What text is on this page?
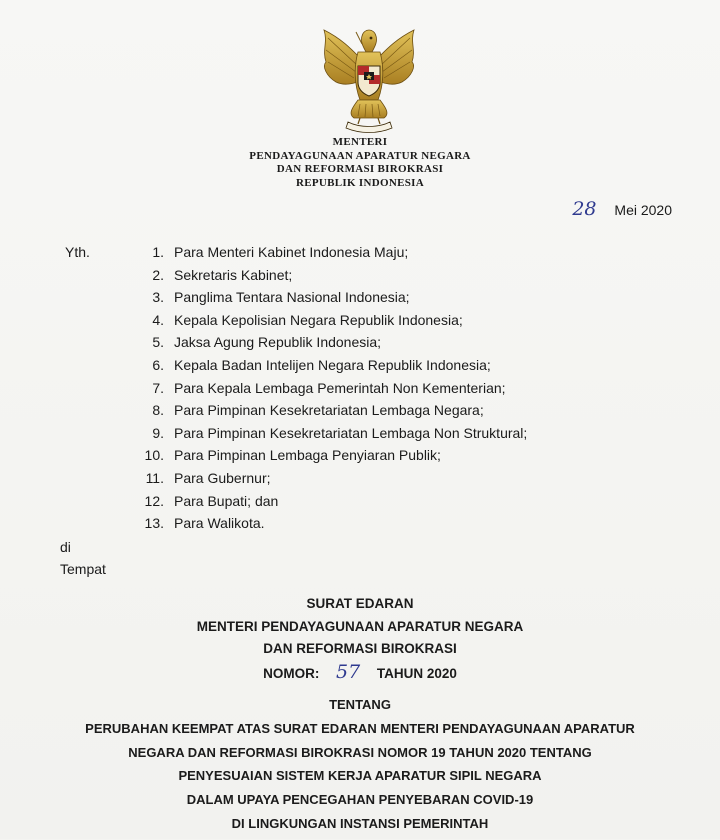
MENTERI
PENDAYAGUNAAN APARATUR NEGARA
DAN REFORMASI BIROKRASI
REPUBLIK INDONESIA
28 Mei 2020
Yth.	1. Para Menteri Kabinet Indonesia Maju;
2. Sekretaris Kabinet;
3. Panglima Tentara Nasional Indonesia;
4. Kepala Kepolisian Negara Republik Indonesia;
5. Jaksa Agung Republik Indonesia;
6. Kepala Badan Intelijen Negara Republik Indonesia;
7. Para Kepala Lembaga Pemerintah Non Kementerian;
8. Para Pimpinan Kesekretariatan Lembaga Negara;
9. Para Pimpinan Kesekretariatan Lembaga Non Struktural;
10. Para Pimpinan Lembaga Penyiaran Publik;
11. Para Gubernur;
12. Para Bupati; dan
13. Para Walikota.
di
Tempat
SURAT EDARAN
MENTERI PENDAYAGUNAAN APARATUR NEGARA
DAN REFORMASI BIROKRASI
NOMOR: 57 TAHUN 2020
TENTANG
PERUBAHAN KEEMPAT ATAS SURAT EDARAN MENTERI PENDAYAGUNAAN APARATUR
NEGARA DAN REFORMASI BIROKRASI NOMOR 19 TAHUN 2020 TENTANG
PENYESUAIAN SISTEM KERJA APARATUR SIPIL NEGARA
DALAM UPAYA PENCEGAHAN PENYEBARAN COVID-19
DI LINGKUNGAN INSTANSI PEMERINTAH
